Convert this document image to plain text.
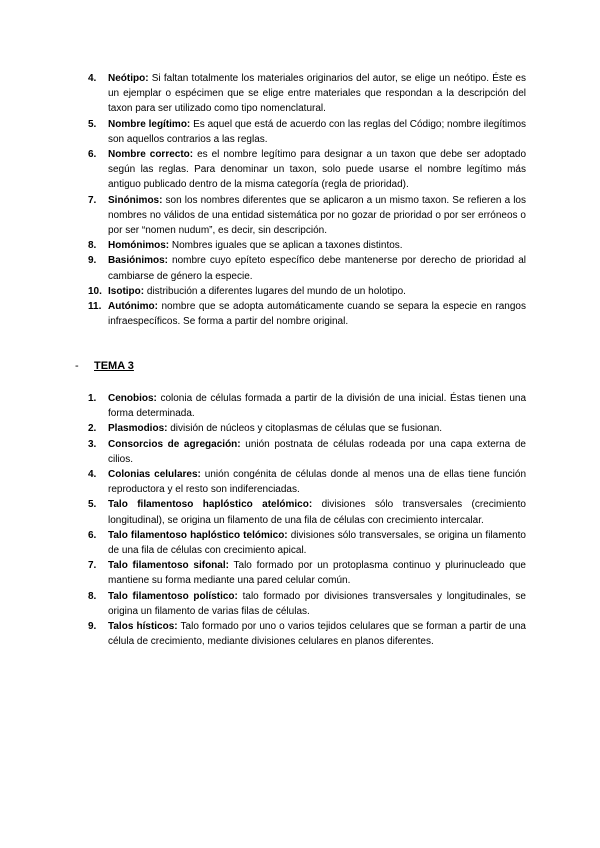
4.	Neótipo: Si faltan totalmente los materiales originarios del autor, se elige un neótipo. Éste es un ejemplar o espécimen que se elige entre materiales que respondan a la descripción del taxon para ser utilizado como tipo nomenclatural.
5.	Nombre legítimo: Es aquel que está de acuerdo con las reglas del Código; nombre ilegítimos son aquellos contrarios a las reglas.
6.	Nombre correcto: es el nombre legítimo para designar a un taxon que debe ser adoptado según las reglas. Para denominar un taxon, solo puede usarse el nombre legítimo más antiguo publicado dentro de la misma categoría (regla de prioridad).
7.	Sinónimos: son los nombres diferentes que se aplicaron a un mismo taxon. Se refieren a los nombres no válidos de una entidad sistemática por no gozar de prioridad o por ser erróneos o por ser “nomen nudum”, es decir, sin descripción.
8.	Homónimos: Nombres iguales que se aplican a taxones distintos.
9.	Basiónimos: nombre cuyo epíteto específico debe mantenerse por derecho de prioridad al cambiarse de género la especie.
10. Isotipo: distribución a diferentes lugares del mundo de un holotipo.
11. Autónimo: nombre que se adopta automáticamente cuando se separa la especie en rangos infraespecíficos. Se forma a partir del nombre original.
- TEMA 3
1.	Cenobios: colonia de células formada a partir de la división de una inicial. Éstas tienen una forma determinada.
2.	Plasmodios: división de núcleos y citoplasmas de células que se fusionan.
3.	Consorcios de agregación: unión postnata de células rodeada por una capa externa de cilios.
4.	Colonias celulares: unión congénita de células donde al menos una de ellas tiene función reproductora y el resto son indiferenciadas.
5.	Talo filamentoso haplóstico atelómico: divisiones sólo transversales (crecimiento longitudinal), se origina un filamento de una fila de células con crecimiento intercalar.
6.	Talo filamentoso haplóstico telómico: divisiones sólo transversales, se origina un filamento de una fila de células con crecimiento apical.
7.	Talo filamentoso sifonal: Talo formado por un protoplasma continuo y plurinucleado que mantiene su forma mediante una pared celular común.
8.	Talo filamentoso polístico: talo formado por divisiones transversales y longitudinales, se origina un filamento de varias filas de células.
9.	Talos hísticos: Talo formado por uno o varios tejidos celulares que se forman a partir de una célula de crecimiento, mediante divisiones celulares en planos diferentes.
